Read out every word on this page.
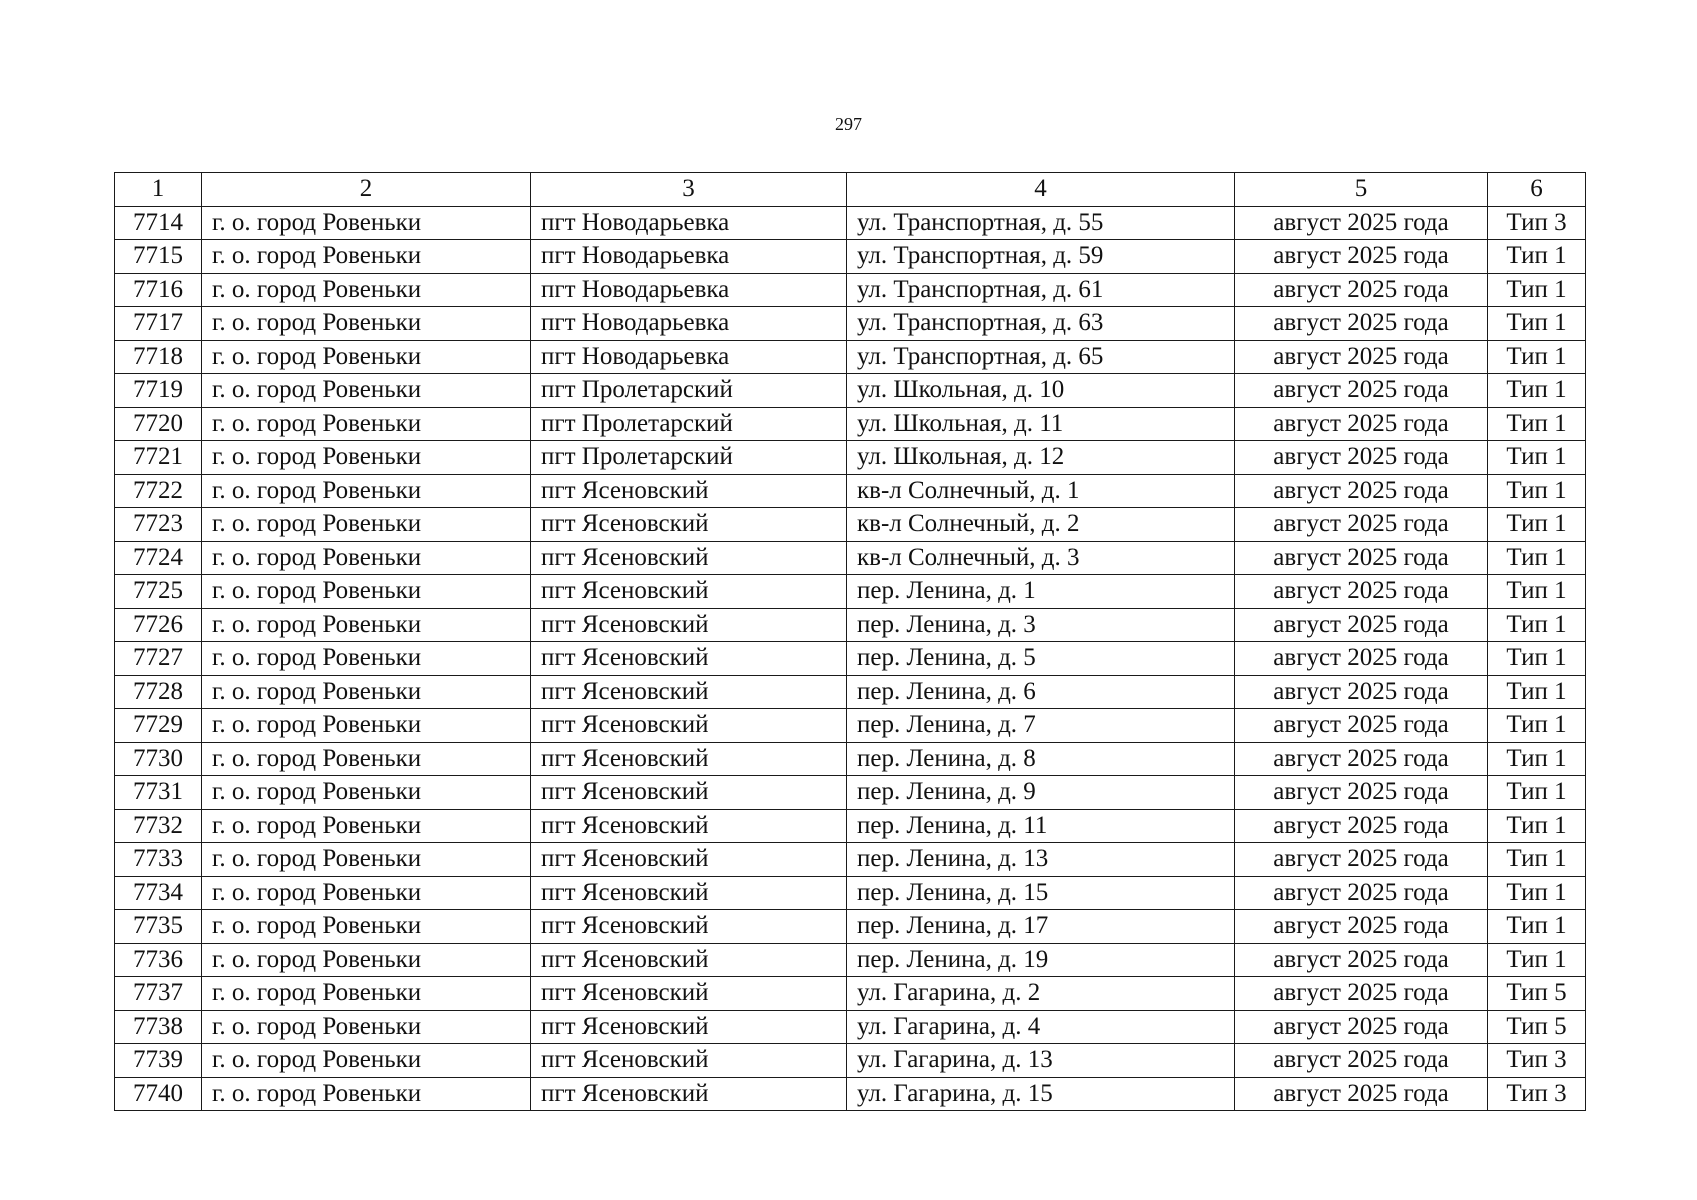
297
1	2	3	4	5	6
7714	г. о. город Ровеньки	пгт Новодарьевка	ул. Транспортная, д. 55	август 2025 года	Тип 3
7715	г. о. город Ровеньки	пгт Новодарьевка	ул. Транспортная, д. 59	август 2025 года	Тип 1
7716	г. о. город Ровеньки	пгт Новодарьевка	ул. Транспортная, д. 61	август 2025 года	Тип 1
7717	г. о. город Ровеньки	пгт Новодарьевка	ул. Транспортная, д. 63	август 2025 года	Тип 1
7718	г. о. город Ровеньки	пгт Новодарьевка	ул. Транспортная, д. 65	август 2025 года	Тип 1
7719	г. о. город Ровеньки	пгт Пролетарский	ул. Школьная, д. 10	август 2025 года	Тип 1
7720	г. о. город Ровеньки	пгт Пролетарский	ул. Школьная, д. 11	август 2025 года	Тип 1
7721	г. о. город Ровеньки	пгт Пролетарский	ул. Школьная, д. 12	август 2025 года	Тип 1
7722	г. о. город Ровеньки	пгт Ясеновский	кв-л Солнечный, д. 1	август 2025 года	Тип 1
7723	г. о. город Ровеньки	пгт Ясеновский	кв-л Солнечный, д. 2	август 2025 года	Тип 1
7724	г. о. город Ровеньки	пгт Ясеновский	кв-л Солнечный, д. 3	август 2025 года	Тип 1
7725	г. о. город Ровеньки	пгт Ясеновский	пер. Ленина, д. 1	август 2025 года	Тип 1
7726	г. о. город Ровеньки	пгт Ясеновский	пер. Ленина, д. 3	август 2025 года	Тип 1
7727	г. о. город Ровеньки	пгт Ясеновский	пер. Ленина, д. 5	август 2025 года	Тип 1
7728	г. о. город Ровеньки	пгт Ясеновский	пер. Ленина, д. 6	август 2025 года	Тип 1
7729	г. о. город Ровеньки	пгт Ясеновский	пер. Ленина, д. 7	август 2025 года	Тип 1
7730	г. о. город Ровеньки	пгт Ясеновский	пер. Ленина, д. 8	август 2025 года	Тип 1
7731	г. о. город Ровеньки	пгт Ясеновский	пер. Ленина, д. 9	август 2025 года	Тип 1
7732	г. о. город Ровеньки	пгт Ясеновский	пер. Ленина, д. 11	август 2025 года	Тип 1
7733	г. о. город Ровеньки	пгт Ясеновский	пер. Ленина, д. 13	август 2025 года	Тип 1
7734	г. о. город Ровеньки	пгт Ясеновский	пер. Ленина, д. 15	август 2025 года	Тип 1
7735	г. о. город Ровеньки	пгт Ясеновский	пер. Ленина, д. 17	август 2025 года	Тип 1
7736	г. о. город Ровеньки	пгт Ясеновский	пер. Ленина, д. 19	август 2025 года	Тип 1
7737	г. о. город Ровеньки	пгт Ясеновский	ул. Гагарина, д. 2	август 2025 года	Тип 5
7738	г. о. город Ровеньки	пгт Ясеновский	ул. Гагарина, д. 4	август 2025 года	Тип 5
7739	г. о. город Ровеньки	пгт Ясеновский	ул. Гагарина, д. 13	август 2025 года	Тип 3
7740	г. о. город Ровеньки	пгт Ясеновский	ул. Гагарина, д. 15	август 2025 года	Тип 3
